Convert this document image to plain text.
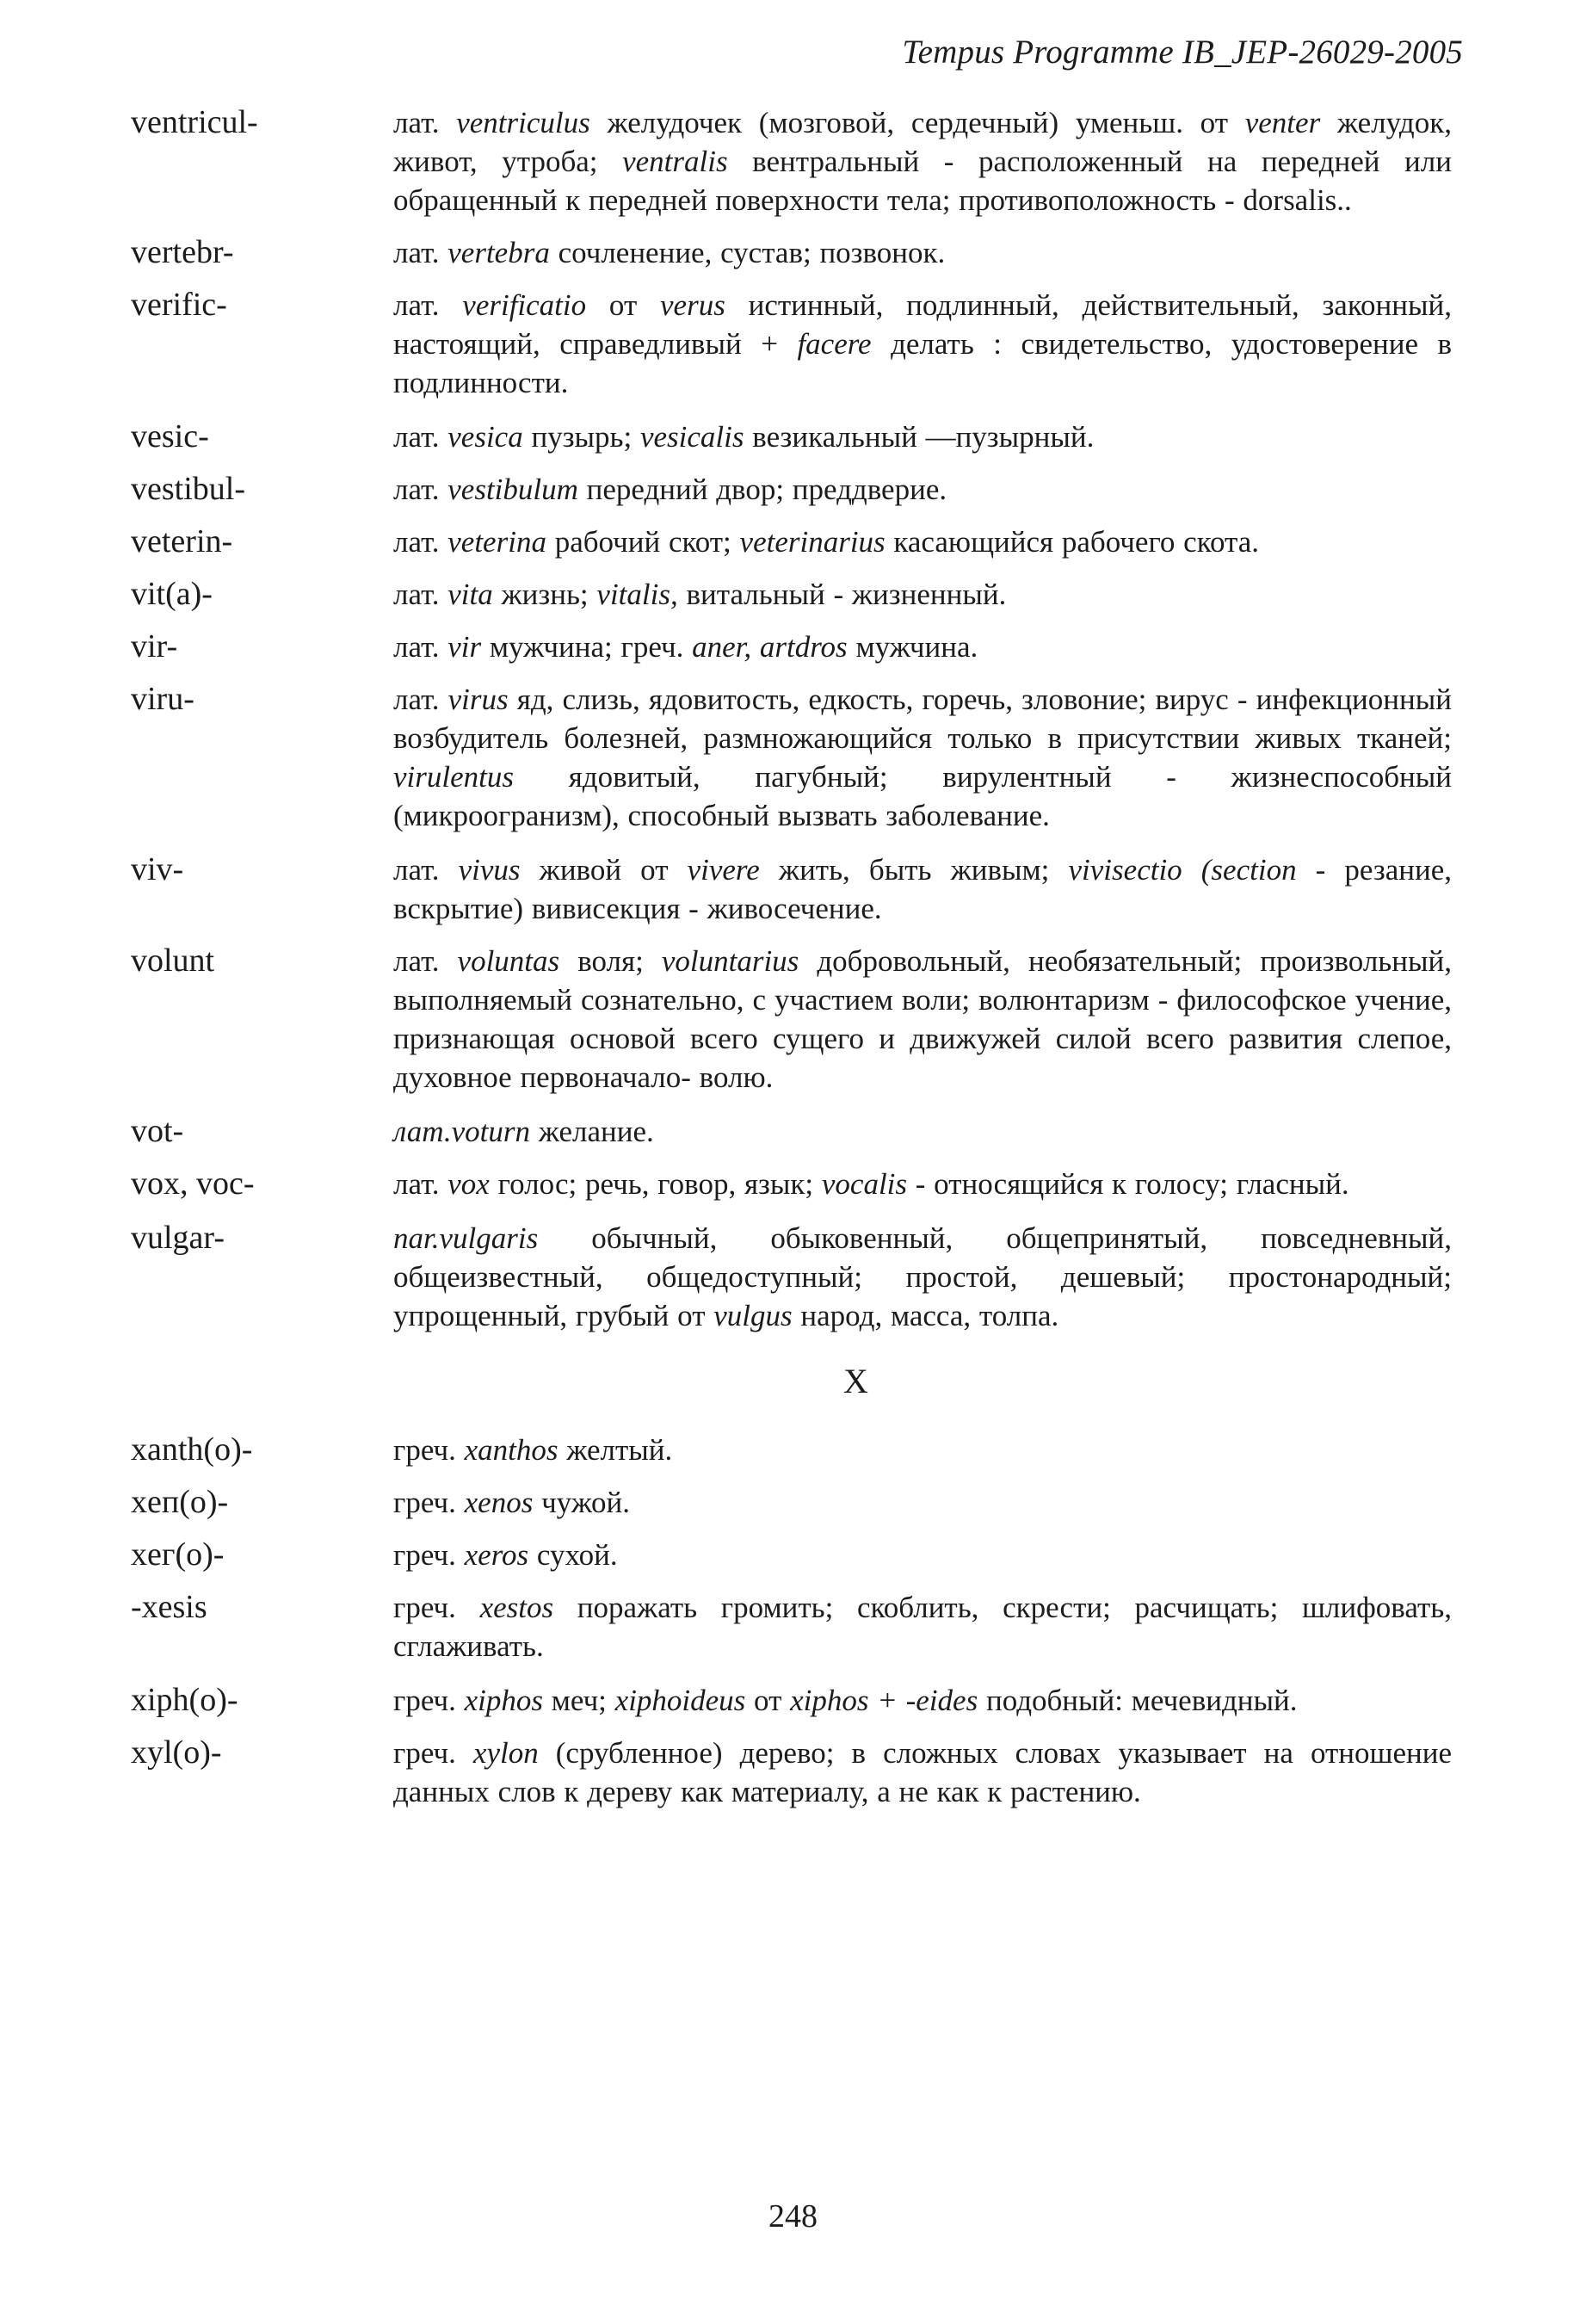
Tempus Programme IB_JEP-26029-2005
ventricul-	лат. ventriculus желудочек (мозговой, сердечный) уменьш. от venter желудок, живот, утроба; ventralis вентральный - расположенный на передней или обращенный к передней поверхности тела; противоположность - dorsalis..
vertebr-	лат. vertebra сочленение, сустав; позвонок.
verific-	лат. verificatio от verus истинный, подлинный, действительный, законный, настоящий, справедливый + facere делать : свидетельство, удостоверение в подлинности.
vesic-	лат. vesica пузырь; vesicalis везикальный —пузырный.
vestibul-	лат. vestibulum передний двор; преддверие.
veterin-	лат. veterina рабочий скот; veterinarius касающийся рабочего скота.
vit(a)-	лат. vita жизнь; vitalis, витальный - жизненный.
vir-	лат. vir мужчина; греч. aner, artdros мужчина.
viru-	лат. virus яд, слизь, ядовитость, едкость, горечь, зловоние; вирус - инфекционный возбудитель болезней, размножающийся только в присутствии живых тканей; virulentus ядовитый, пагубный; вирулентный - жизнеспособный (микроогранизм), способный вызвать заболевание.
viv-	лат. vivus живой от vivere жить, быть живым; vivisectio (section - резание, вскрытие) вивисекция - живосечение.
volunt	лат. voluntas воля; voluntarius добровольный, необязательный; произвольный, выполняемый сознательно, с участием воли; волюнтаризм - философское учение, признающая основой всего сущего и движужей силой всего развития слепое, духовное первоначало- волю.
vot-	лат.voturn желание.
vox, voc-	лат. vox голос; речь, говор, язык; vocalis - относящийся к голосу; гласный.
vulgar-	nar.vulgaris обычный, обыковенный, общепринятый, повседневный, общеизвестный, общедоступный; простой, дешевый; простонародный; упрощенный, грубый от vulgus народ, масса, толпа.
X
xanth(o)-	греч. xanthos желтый.
xeп(o)-	греч. xenos чужой.
xeг(o)-	греч. xeros сухой.
-xesis	греч. xestos поражать громить; скоблить, скрести; расчищать; шлифовать, сглаживать.
xiph(o)-	греч. xiphos меч; xiphoideus от xiphos + -eides подобный: мечевидный.
xyl(o)-	греч. xylon (срубленное) дерево; в сложных словах указывает на отношение данных слов к дереву как материалу, а не как к растению.
248
